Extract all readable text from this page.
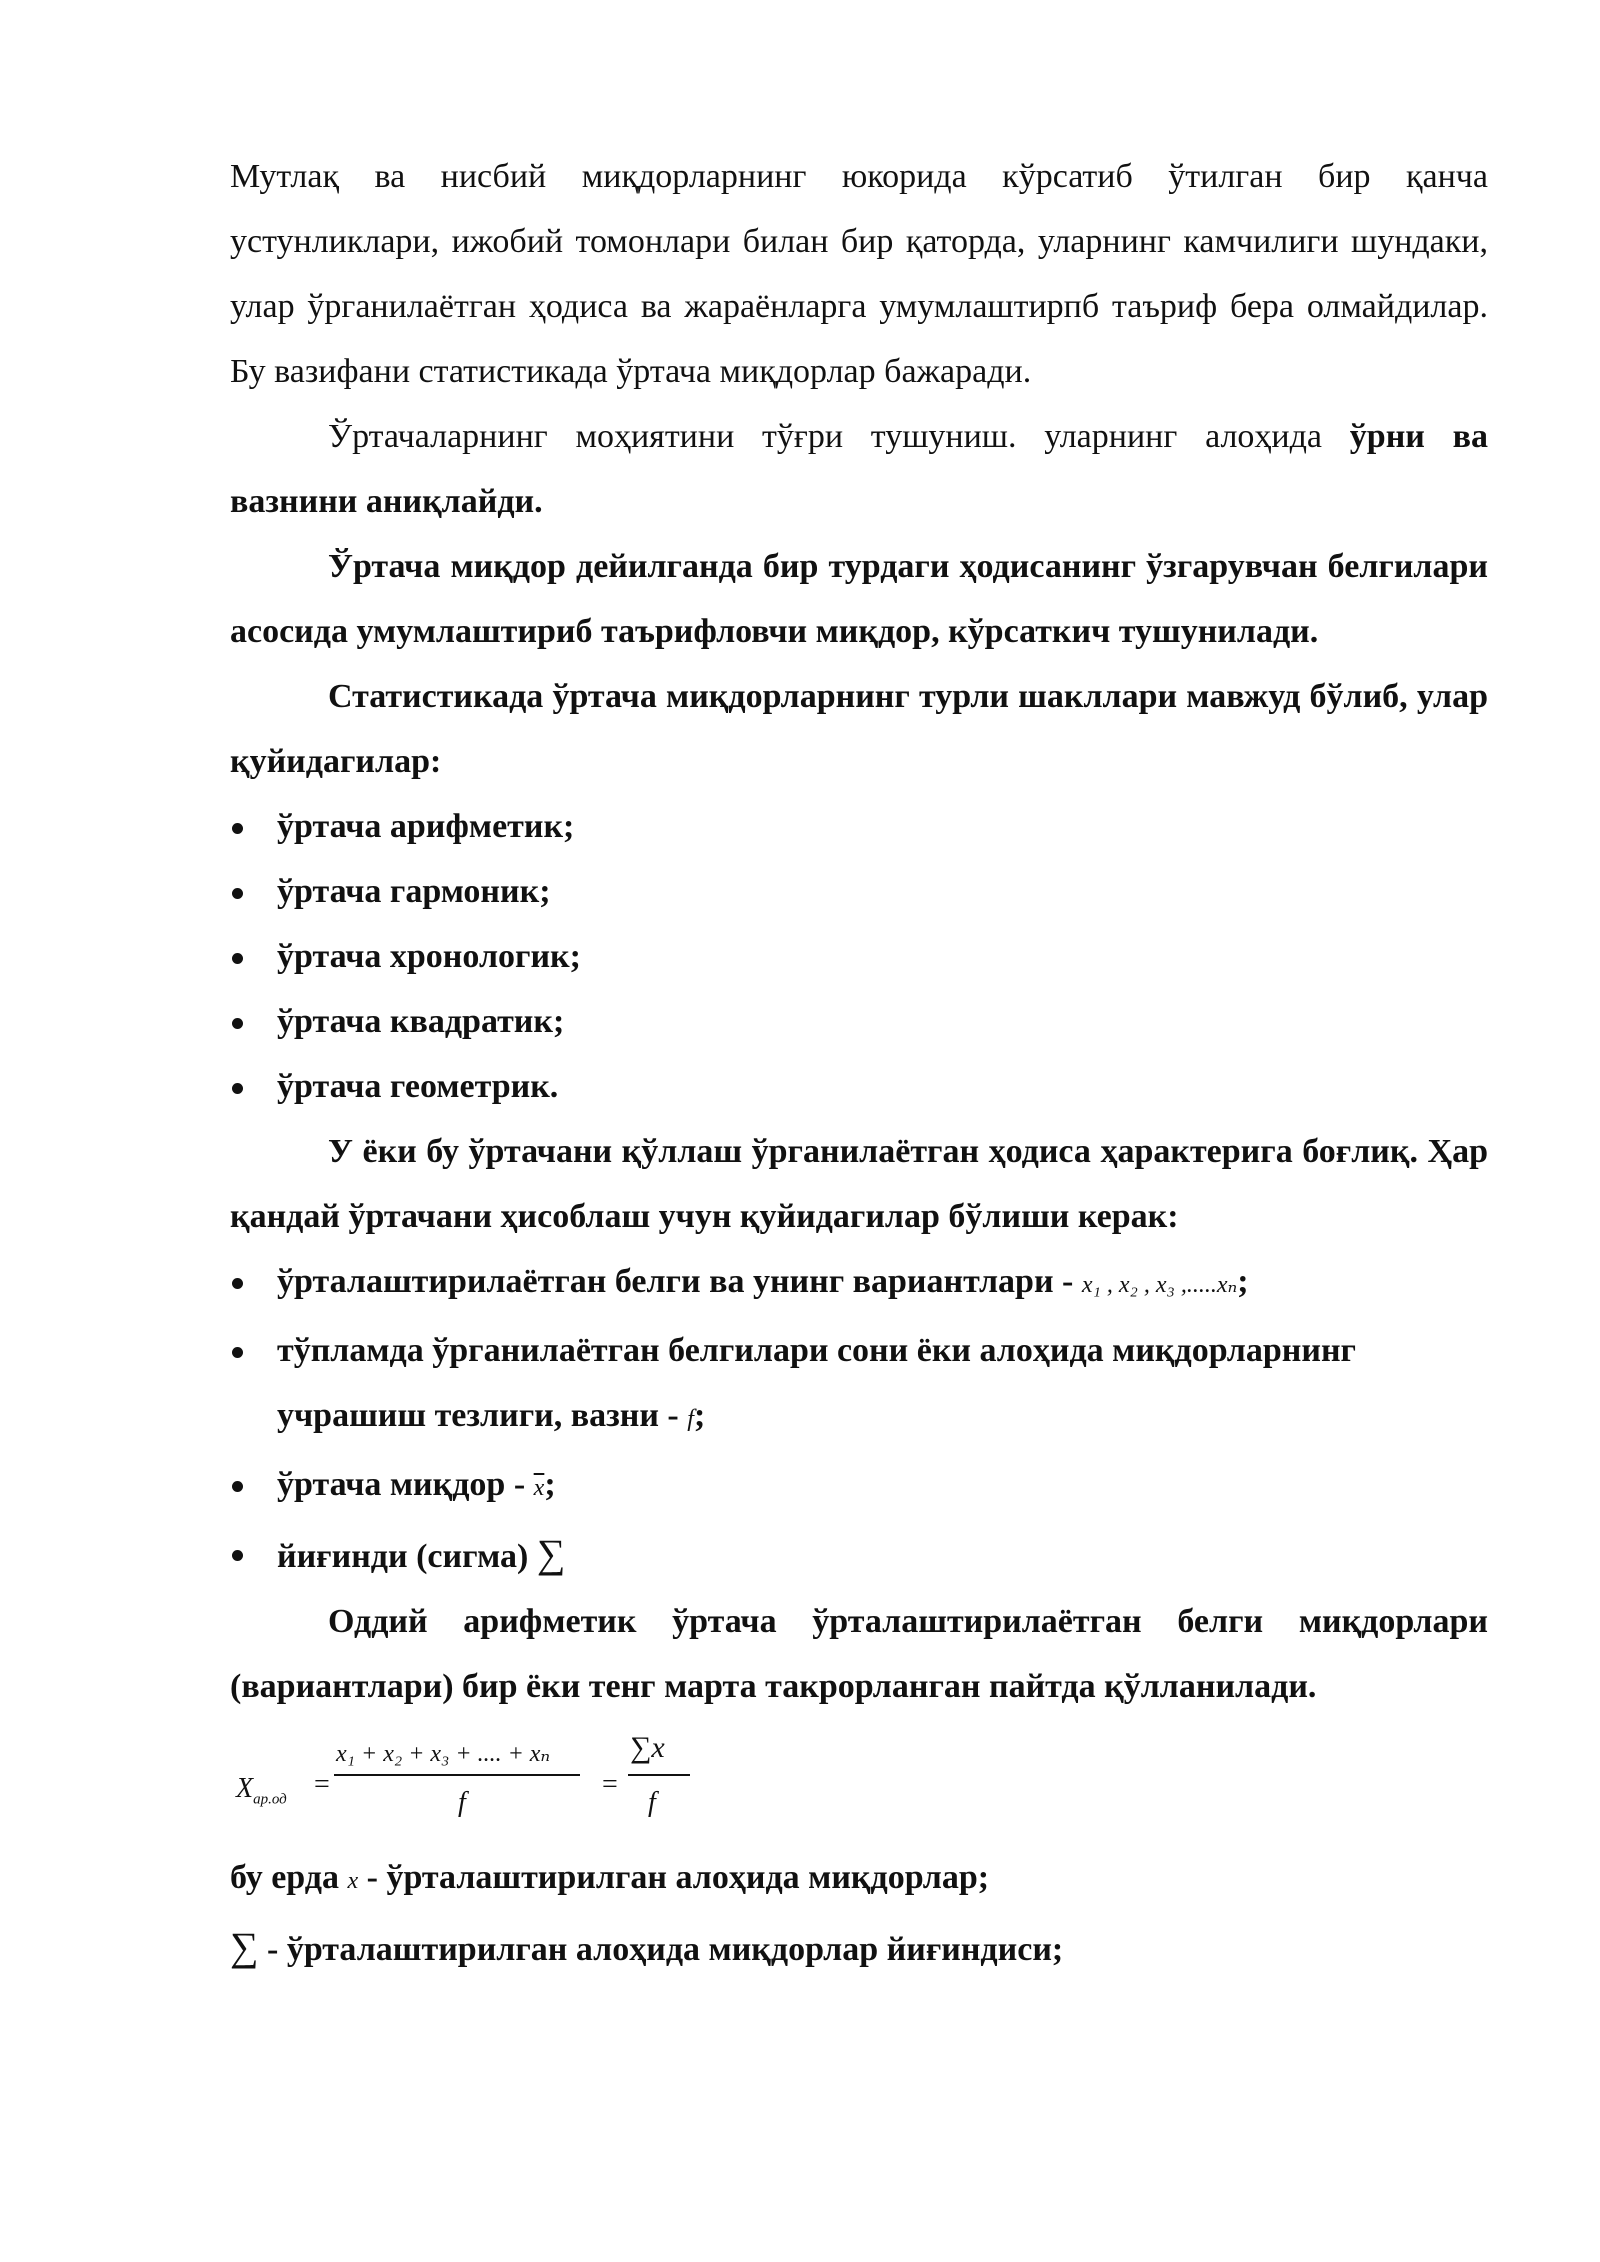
Мутлақ ва нисбий миқдорларнинг юкорида кўрсатиб ўтилган бир қанча устунликлари, ижобий томонлари билан бир қаторда, уларнинг камчилиги шундаки, улар ўрганилаётган ҳодиса ва жараёнларга умумлаштирпб таъриф бера олмайдилар. Бу вазифани статистикада ўртача миқдорлар бажаради.

Ўртачаларнинг моҳиятини тўғри тушуниш. уларнинг алоҳида ўрни ва вазнини аниқлайди.

Ўртача миқдор дейилганда бир турдаги ҳодисанинг ўзгарувчан белгилари асосида умумлаштириб таърифловчи миқдор, кўрсаткич тушунилади.

Статистикада ўртача миқдорларнинг турли шакллари мавжуд бўлиб, улар қуйидагилар:

ўртача арифметик;
ўртача гармоник;
ўртача хронологик;
ўртача квадратик;
ўртача геометрик.

У ёки бу ўртачани қўллаш ўрганилаётган ҳодиса ҳарактерига боғлиқ. Ҳар қандай ўртачани ҳисоблаш учун қуйидагилар бўлиши керак:

ўрталаштирилаётган белги ва унинг вариантлари - x₁ , x₂ , x₃ ,.....xₙ;
тўпламда ўрганилаётган белгилари сони ёки алоҳида миқдорларнинг учрашиш тезлиги, вазни - f;
ўртача миқдор - $\overline{x}$;
йиғинди (сигма) ∑

Оддий арифметик ўртача ўрталаштирилаётган белги миқдорлари (вариантлари) бир ёки тенг марта такрорланган пайтда қўлланилади.

$X_{ар.од}$ =
x₁ + x₂ + x₃ + .... + xₙ
f
=
∑x
f

бу ерда x - ўрталаштирилган алоҳида миқдорлар;

∑ - ўрталаштирилган алоҳида миқдорлар йиғиндиси;
